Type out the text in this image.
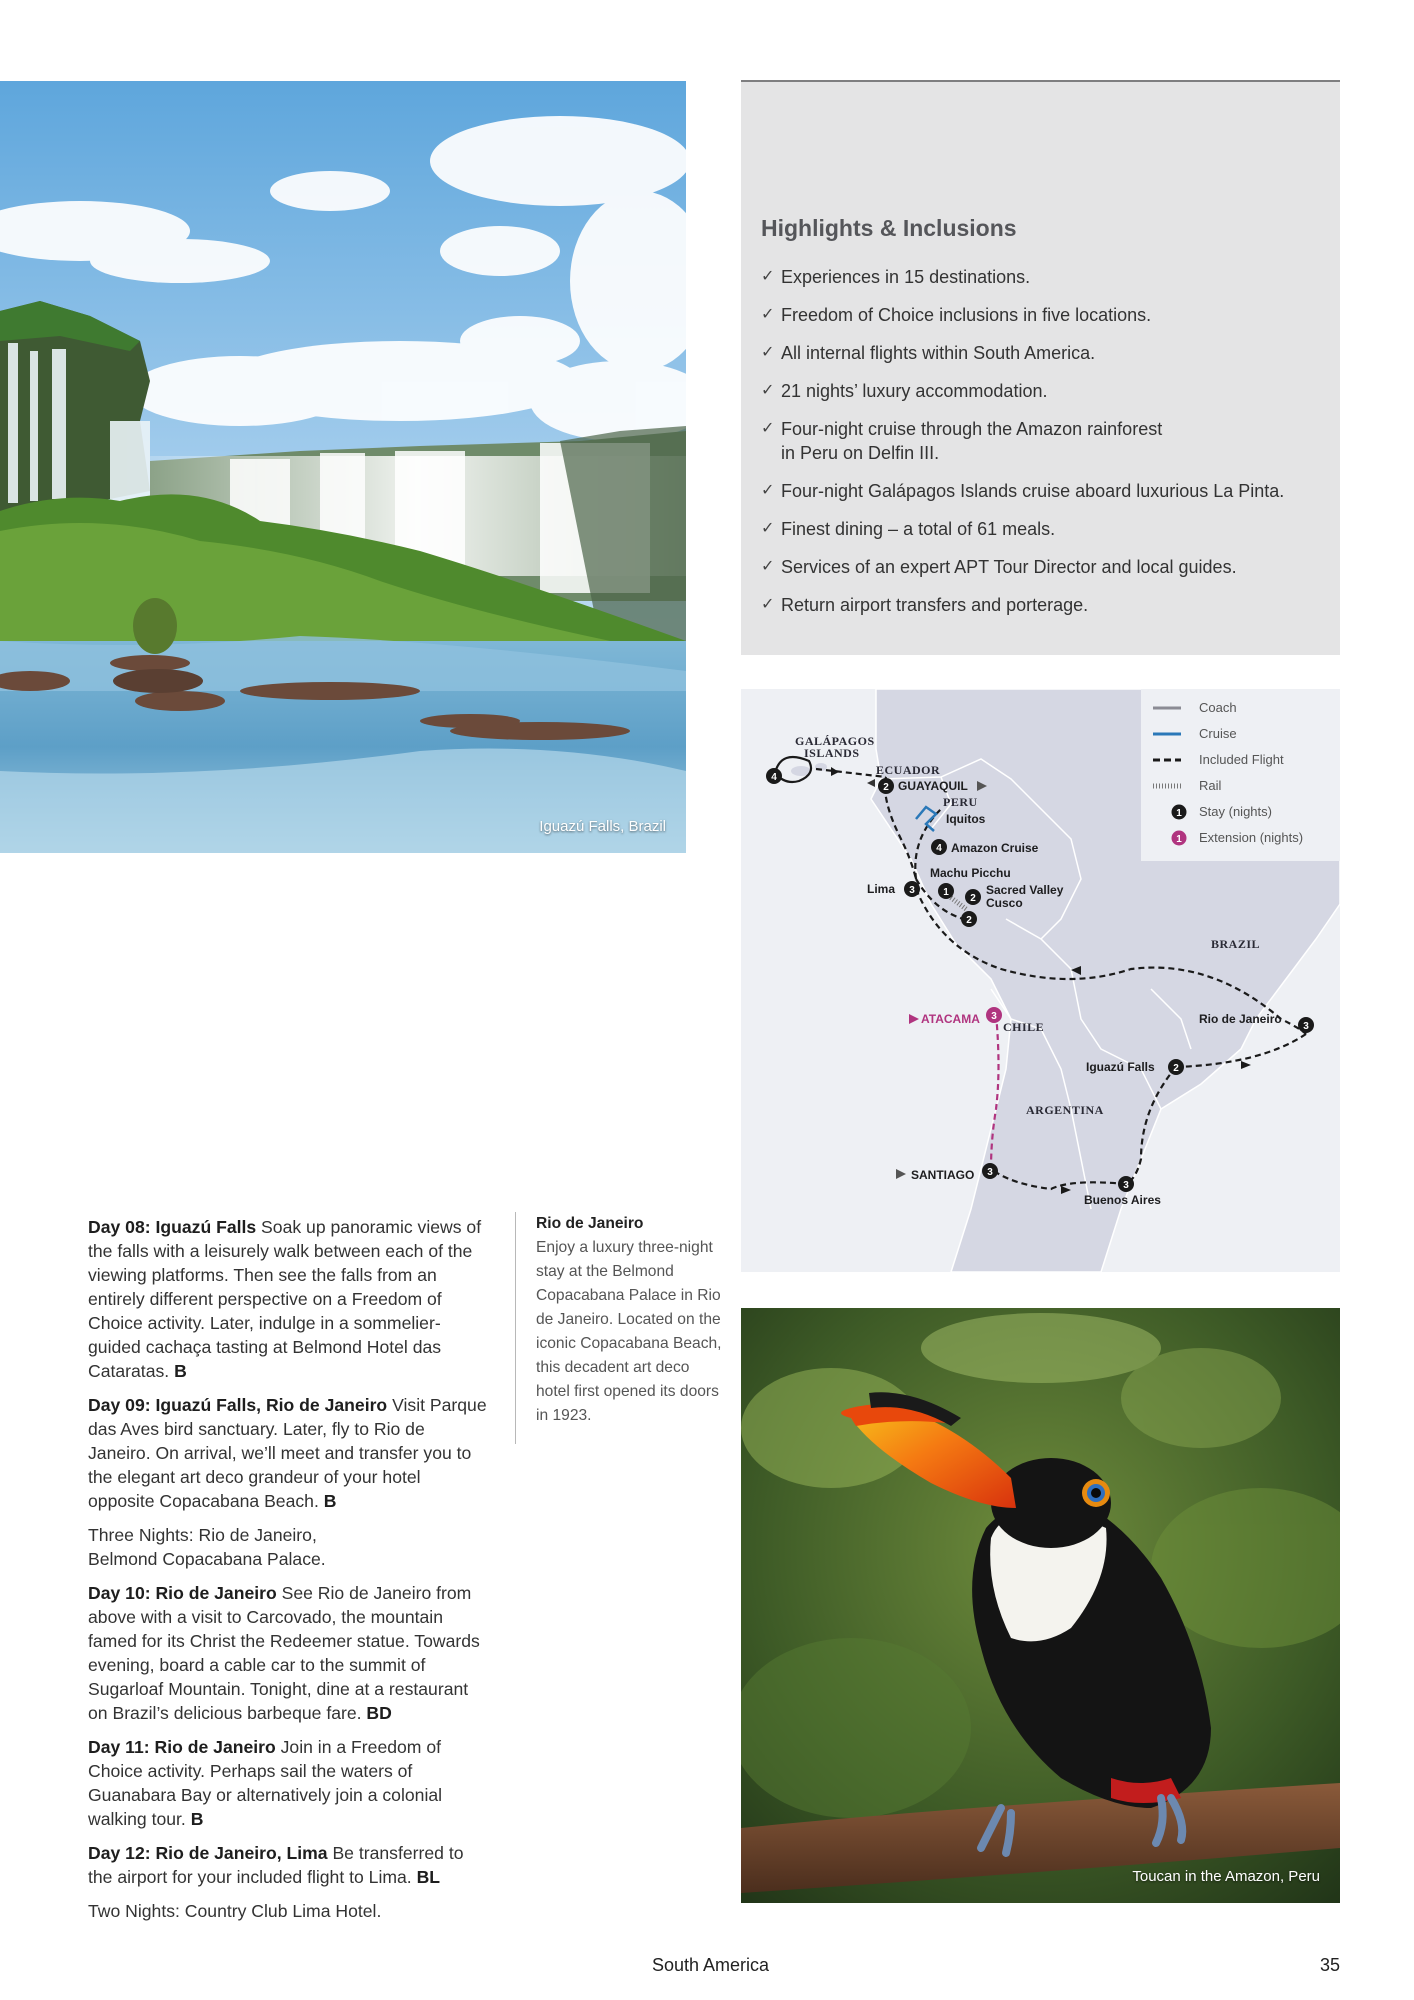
Iguazú Falls, Brazil
Highlights & Inclusions
✓ Experiences in 15 destinations.
✓ Freedom of Choice inclusions in five locations.
✓ All internal flights within South America.
✓ 21 nights’ luxury accommodation.
✓ Four-night cruise through the Amazon rainforest in Peru on Delfin III.
✓ Four-night Galápagos Islands cruise aboard luxurious La Pinta.
✓ Finest dining – a total of 61 meals.
✓ Services of an expert APT Tour Director and local guides.
✓ Return airport transfers and porterage.
Coach
Cruise
Included Flight
Rail
1 Stay (nights)
1 Extension (nights)
GALÁPAGOS
ISLANDS
ECUADOR
PERU
BRAZIL
CHILE
ARGENTINA
GUAYAQUIL
Iquitos
Amazon Cruise
Machu Picchu
Sacred Valley
Cusco
Lima
ATACAMA	Rio de Janeiro
Iguazú Falls
SANTIAGO
Buenos Aires
4
2
4
1
2
2
3
3
3
2
3
3

Day 08: Iguazú Falls Soak up panoramic views of the falls with a leisurely walk between each of the viewing platforms. Then see the falls from an entirely different perspective on a Freedom of Choice activity. Later, indulge in a sommelier-guided cachaça tasting at Belmond Hotel das Cataratas. B

Day 09: Iguazú Falls, Rio de Janeiro Visit Parque das Aves bird sanctuary. Later, fly to Rio de Janeiro. On arrival, we’ll meet and transfer you to the elegant art deco grandeur of your hotel opposite Copacabana Beach. B

Three Nights: Rio de Janeiro, Belmond Copacabana Palace.

Day 10: Rio de Janeiro See Rio de Janeiro from above with a visit to Carcovado, the mountain famed for its Christ the Redeemer statue. Towards evening, board a cable car to the summit of Sugarloaf Mountain. Tonight, dine at a restaurant on Brazil’s delicious barbeque fare. BD

Day 11: Rio de Janeiro Join in a Freedom of Choice activity. Perhaps sail the waters of Guanabara Bay or alternatively join a colonial walking tour. B

Day 12: Rio de Janeiro, Lima Be transferred to the airport for your included flight to Lima. BL

Two Nights: Country Club Lima Hotel.

Rio de Janeiro
Enjoy a luxury three-night stay at the Belmond Copacabana Palace in Rio de Janeiro. Located on the iconic Copacabana Beach, this decadent art deco hotel first opened its doors in 1923.
Toucan in the Amazon, Peru
South America	35
